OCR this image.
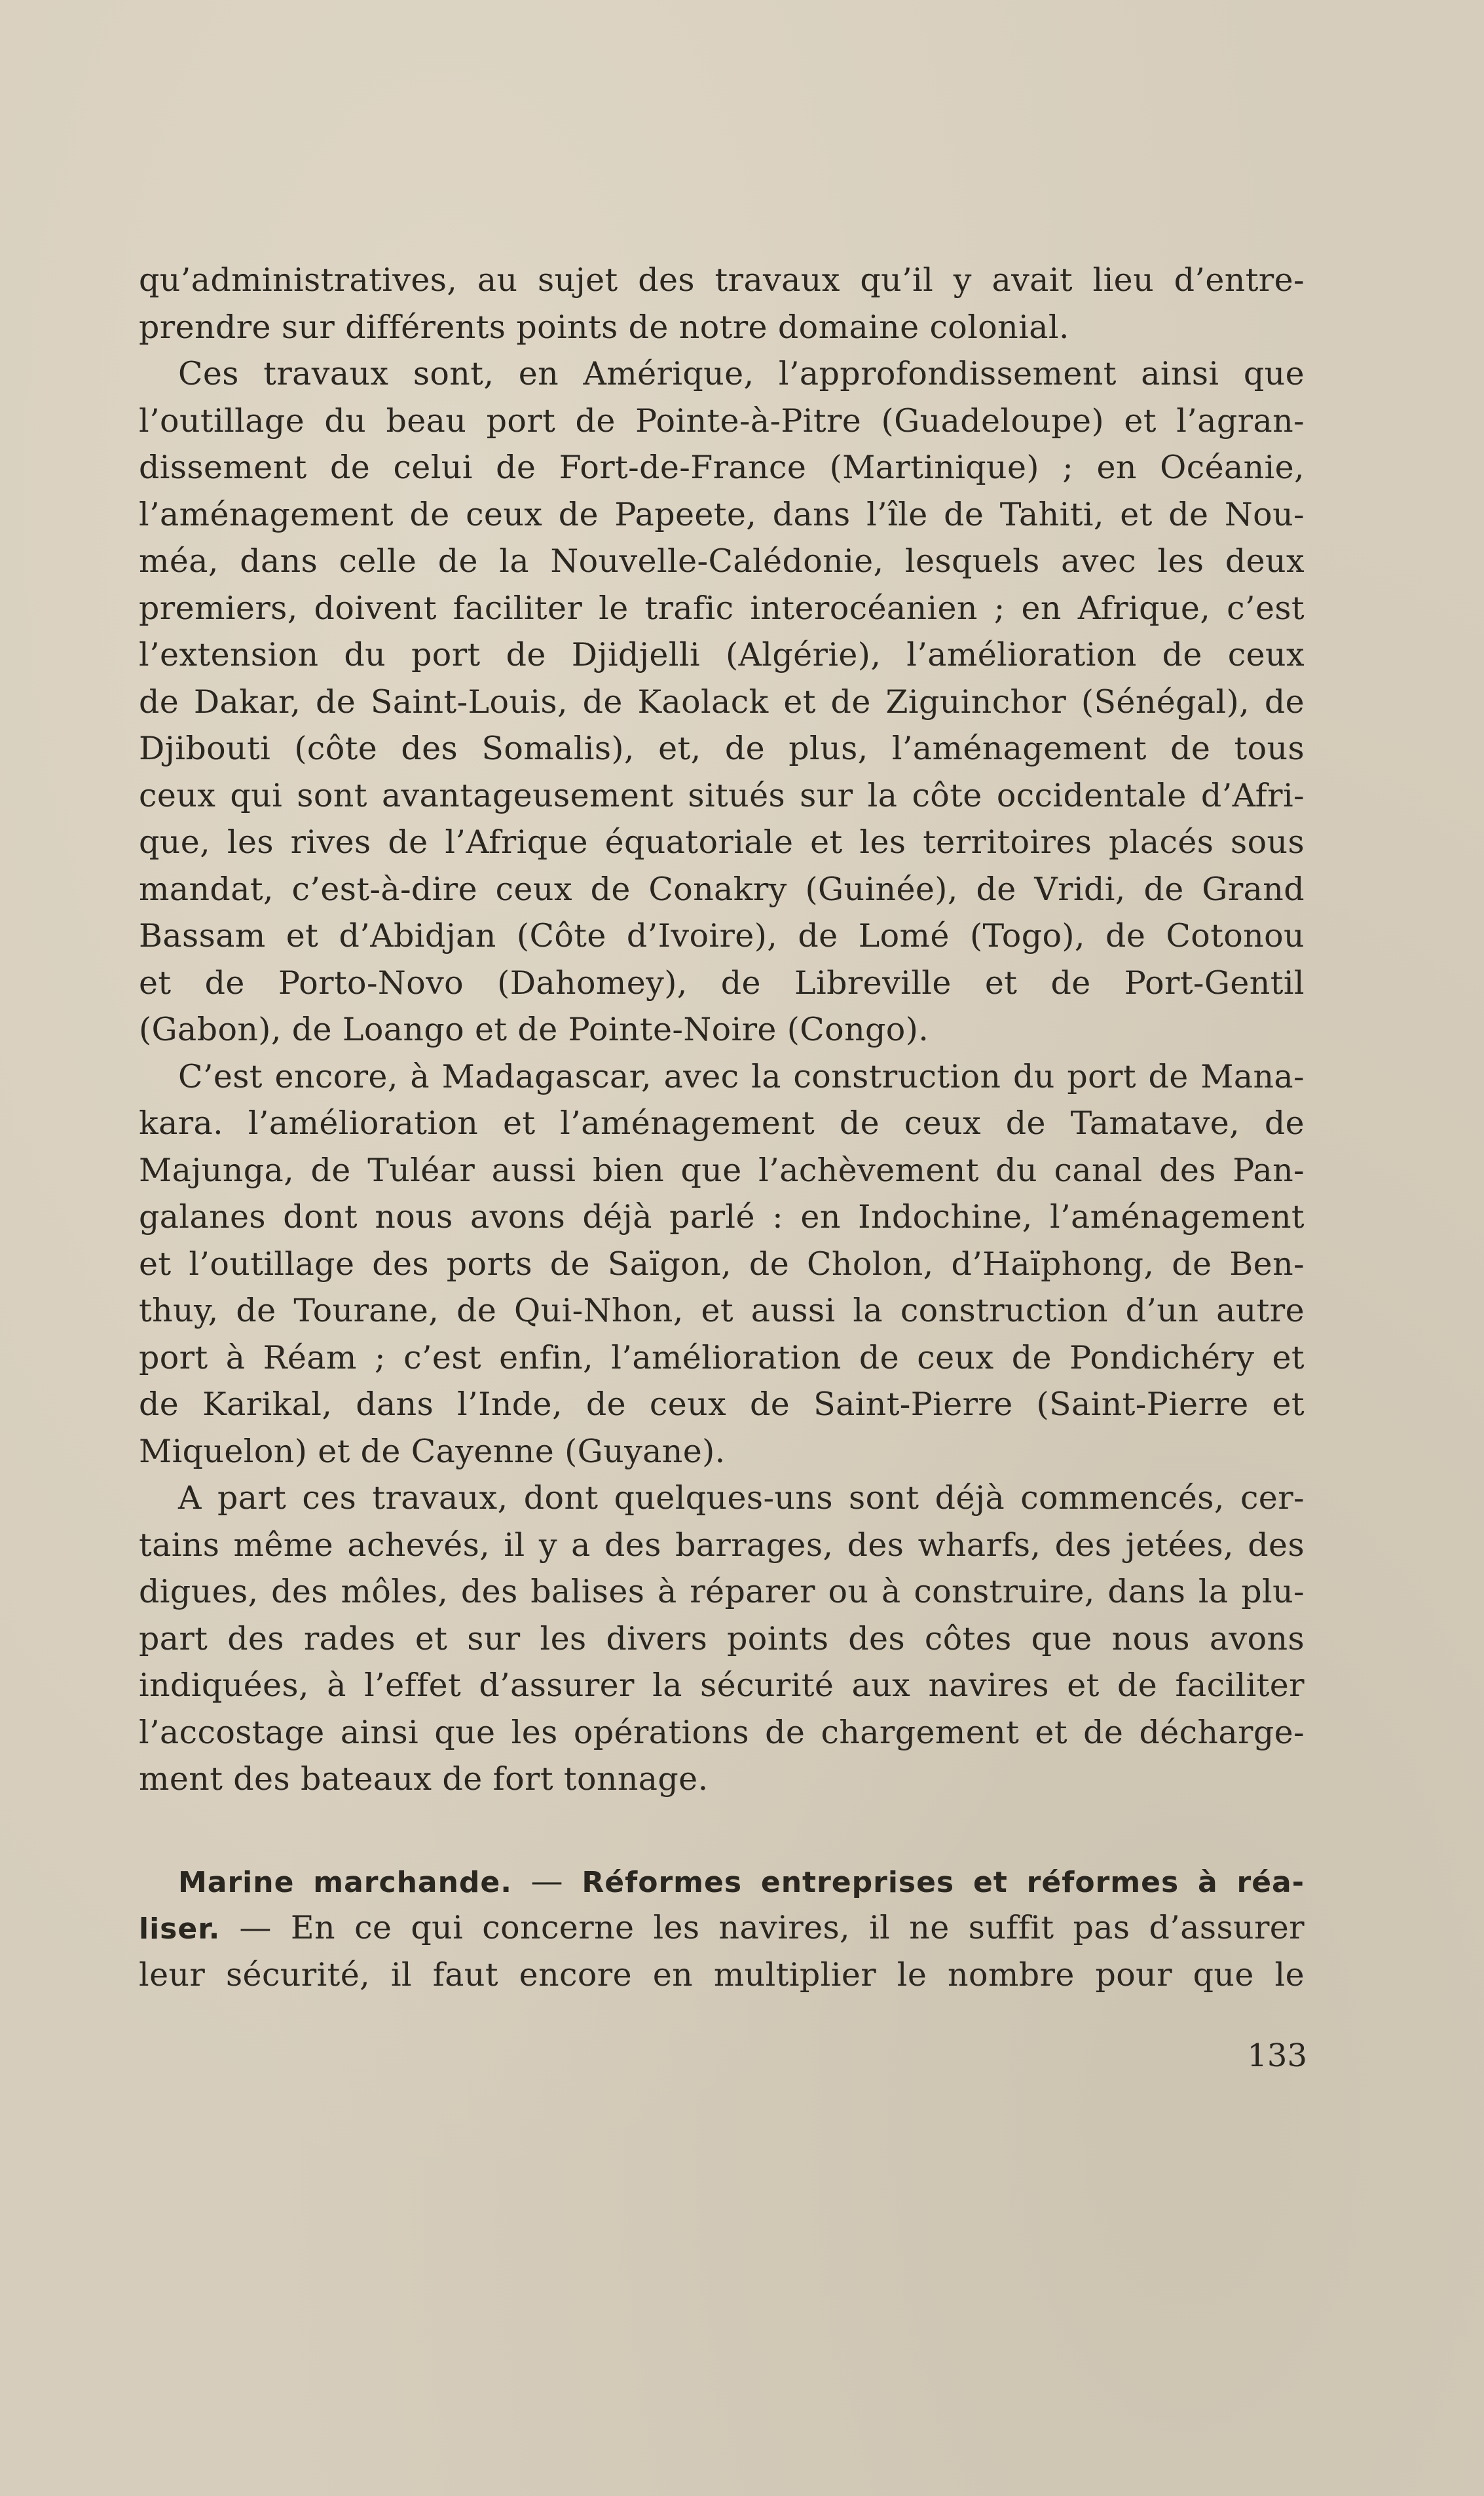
qu’administratives, au sujet des travaux qu’il y avait lieu d’entre-
prendre sur différents points de notre domaine colonial.
Ces travaux sont, en Amérique, l’approfondissement ainsi que
l’outillage du beau port de Pointe-à-Pitre (Guadeloupe) et l’agran-
dissement de celui de Fort-de-France (Martinique) ; en Océanie,
l’aménagement de ceux de Papeete, dans l’île de Tahiti, et de Nou-
méa, dans celle de la Nouvelle-Calédonie, lesquels avec les deux
premiers, doivent faciliter le trafic interocéanien ; en Afrique, c’est
l’extension du port de Djidjelli (Algérie), l’amélioration de ceux
de Dakar, de Saint-Louis, de Kaolack et de Ziguinchor (Sénégal), de
Djibouti (côte des Somalis), et, de plus, l’aménagement de tous
ceux qui sont avantageusement situés sur la côte occidentale d’Afri-
que, les rives de l’Afrique équatoriale et les territoires placés sous
mandat, c’est-à-dire ceux de Conakry (Guinée), de Vridi, de Grand
Bassam et d’Abidjan (Côte d’Ivoire), de Lomé (Togo), de Cotonou
et de Porto-Novo (Dahomey), de Libreville et de Port-Gentil
(Gabon), de Loango et de Pointe-Noire (Congo).
C’est encore, à Madagascar, avec la construction du port de Mana-
kara. l’amélioration et l’aménagement de ceux de Tamatave, de
Majunga, de Tuléar aussi bien que l’achèvement du canal des Pan-
galanes dont nous avons déjà parlé : en Indochine, l’aménagement
et l’outillage des ports de Saïgon, de Cholon, d’Haïphong, de Ben-
thuy, de Tourane, de Qui-Nhon, et aussi la construction d’un autre
port à Réam ; c’est enfin, l’amélioration de ceux de Pondichéry et
de Karikal, dans l’Inde, de ceux de Saint-Pierre (Saint-Pierre et
Miquelon) et de Cayenne (Guyane).
A part ces travaux, dont quelques-uns sont déjà commencés, cer-
tains même achevés, il y a des barrages, des wharfs, des jetées, des
digues, des môles, des balises à réparer ou à construire, dans la plu-
part des rades et sur les divers points des côtes que nous avons
indiquées, à l’effet d’assurer la sécurité aux navires et de faciliter
l’accostage ainsi que les opérations de chargement et de décharge-
ment des bateaux de fort tonnage.
Marine marchande. — Réformes entreprises et réformes à réa-
liser. — En ce qui concerne les navires, il ne suffit pas d’assurer
leur sécurité, il faut encore en multiplier le nombre pour que le
133
